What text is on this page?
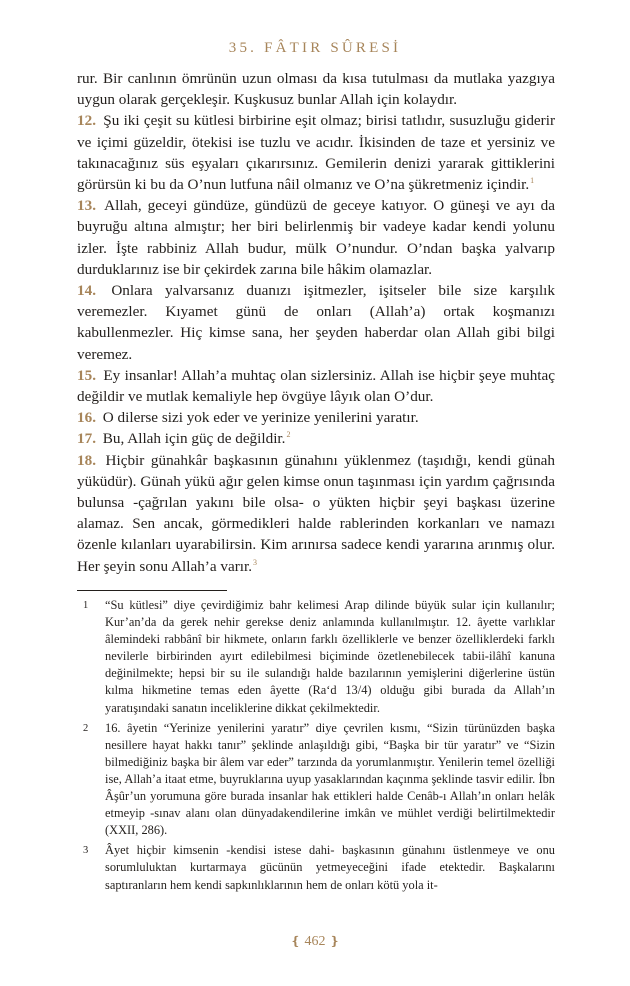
35. FÂTIR SÛRESİ

rur. Bir canlının ömrünün uzun olması da kısa tutulması da mutlaka yazgıya uygun olarak gerçekleşir. Kuşkusuz bunlar Allah için kolaydır.

12. Şu iki çeşit su kütlesi birbirine eşit olmaz; birisi tatlıdır, susuzluğu giderir ve içimi güzeldir, ötekisi ise tuzlu ve acıdır. İkisinden de taze et yersiniz ve takınacağınız süs eşyaları çıkarırsınız. Gemilerin denizi yararak gittiklerini görürsün ki bu da O’nun lutfuna nâil olmanız ve O’na şükretmeniz içindir.$^1$

13. Allah, geceyi gündüze, gündüzü de geceye katıyor. O güneşi ve ayı da buyruğu altına almıştır; her biri belirlenmiş bir vadeye kadar kendi yolunu izler. İşte rabbiniz Allah budur, mülk O’nundur. O’ndan başka yalvarıp durduklarınız ise bir çekirdek zarına bile hâkim olamazlar.

14. Onlara yalvarsanız duanızı işitmezler, işitseler bile size karşılık veremezler. Kıyamet günü de onları (Allah’a) ortak koşmanızı kabullenmezler. Hiç kimse sana, her şeyden haberdar olan Allah gibi bilgi veremez.

15. Ey insanlar! Allah’a muhtaç olan sizlersiniz. Allah ise hiçbir şeye muhtaç değildir ve mutlak kemaliyle hep övgüye lâyık olan O’dur.

16. O dilerse sizi yok eder ve yerinize yenilerini yaratır.

17. Bu, Allah için güç de değildir.$^2$

18. Hiçbir günahkâr başkasının günahını yüklenmez (taşıdığı, kendi günah yüküdür). Günah yükü ağır gelen kimse onun taşınması için yardım çağrısında bulunsa -çağrılan yakını bile olsa- o yükten hiçbir şeyi başkası üzerine alamaz. Sen ancak, görmedikleri halde rablerinden korkanları ve namazı özenle kılanları uyarabilirsin. Kim arınırsa sadece kendi yararına arınmış olur. Her şeyin sonu Allah’a varır.$^3$

1 “Su kütlesi” diye çevirdiğimiz bahr kelimesi Arap dilinde büyük sular için kullanılır; Kur’an’da da gerek nehir gerekse deniz anlamında kullanılmıştır. 12. âyette varlıklar âlemindeki rabbânî bir hikmete, onların farklı özelliklerle ve benzer özelliklerdeki farklı nevilerle birbirinden ayırt edilebilmesi biçiminde özetlenebilecek tabii-ilâhî kanuna değinilmekte; hepsi bir su ile sulandığı halde bazılarının yemişlerini diğerlerine üstün kılma hikmetine temas eden âyette (Ra‘d 13/4) olduğu gibi burada da Allah’ın yaratışındaki sanatın inceliklerine dikkat çekilmektedir.
2 16. âyetin “Yerinize yenilerini yaratır” diye çevrilen kısmı, “Sizin türünüzden başka nesillere hayat hakkı tanır” şeklinde anlaşıldığı gibi, “Başka bir tür yaratır” ve “Sizin bilmediğiniz başka bir âlem var eder” tarzında da yorumlanmıştır. Yenilerin temel özelliği ise, Allah’a itaat etme, buyruklarına uyup yasaklarından kaçınma şeklinde tasvir edilir. İbn Âşûr’un yorumuna göre burada insanlar hak ettikleri halde Cenâb-ı Allah’ın onları helâk etmeyip -sınav alanı olan dünyadakendilerine imkân ve mühlet verdiği belirtilmektedir (XXII, 286).
3 Âyet hiçbir kimsenin -kendisi istese dahi- başkasının günahını üstlenmeye ve onu sorumluluktan kurtarmaya gücünün yetmeyeceğini ifade etektedir. Başkalarını saptıranların hem kendi sapkınlıklarının hem de onları kötü yola it-
❴ 462 ❵
